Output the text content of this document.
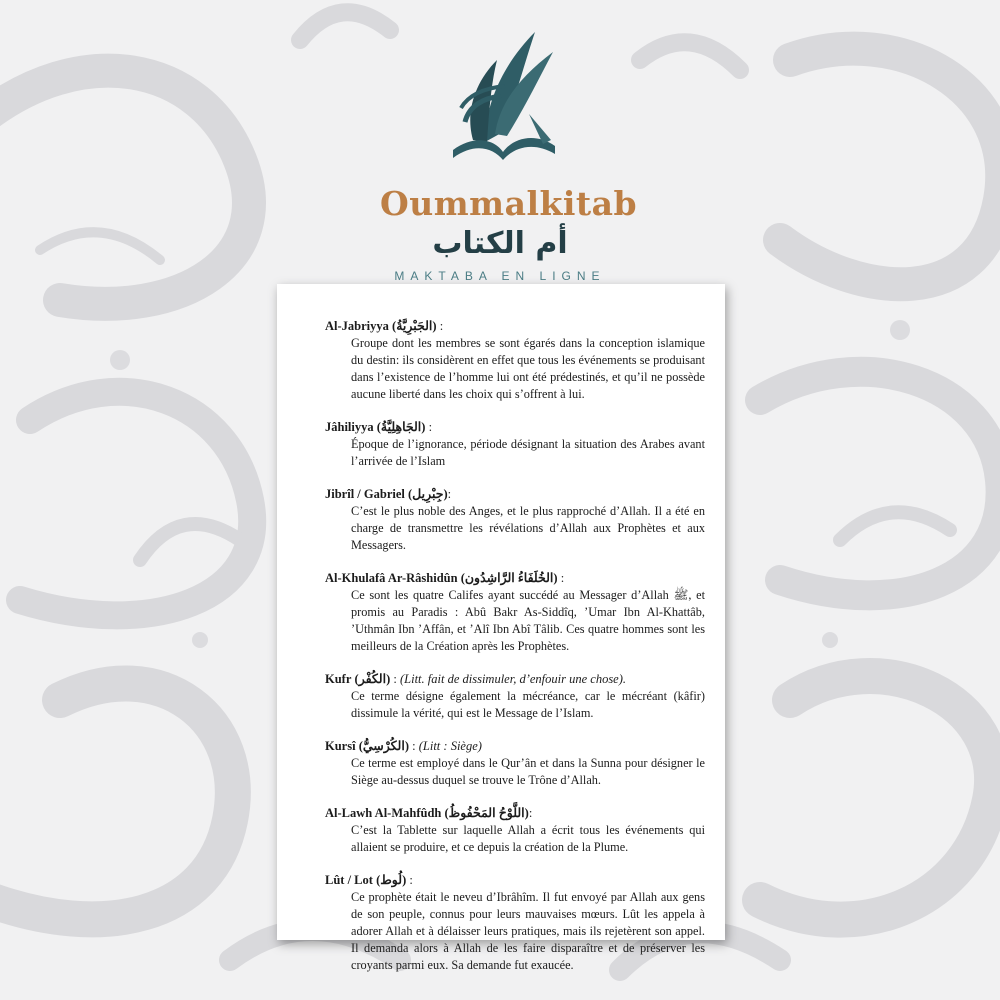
Oummalkitab
أم الكتاب
MAKTABA EN LIGNE
Al-Jabriyya (الجَبْرِيَّةُ) :
Groupe dont les membres se sont égarés dans la conception islamique du destin: ils considèrent en effet que tous les événements se produisant dans l’existence de l’homme lui ont été prédestinés, et qu’il ne possède aucune liberté dans les choix qui s’offrent à lui.
Jâhiliyya (الجَاهِلِيَّةُ) :
Époque de l’ignorance, période désignant la situation des Arabes avant l’arrivée de l’Islam
Jibrîl / Gabriel (جِبْرِيل):
C’est le plus noble des Anges, et le plus rapproché d’Allah. Il a été en charge de transmettre les révélations d’Allah aux Prophètes et aux Messagers.
Al-Khulafâ Ar-Râshidûn (الخُلَفَاءُ الرَّاشِدُون) :
Ce sont les quatre Califes ayant succédé au Messager d’Allah ﷺ, et promis au Paradis : Abû Bakr As-Siddîq, ’Umar Ibn Al-Khattâb, ’Uthmân Ibn ’Affân, et ’Alî Ibn Abî Tâlib. Ces quatre hommes sont les meilleurs de la Création après les Prophètes.
Kufr (الكُفْر) : (Litt. fait de dissimuler, d’enfouir une chose).
Ce terme désigne également la mécréance, car le mécréant (kâfir) dissimule la vérité, qui est le Message de l’Islam.
Kursî (الكُرْسِيُّ) : (Litt : Siège)
Ce terme est employé dans le Qur’ân et dans la Sunna pour désigner le Siège au-dessus duquel se trouve le Trône d’Allah.
Al-Lawh Al-Mahfûdh (اللَّوْحُ المَحْفُوظُ):
C’est la Tablette sur laquelle Allah a écrit tous les événements qui allaient se produire, et ce depuis la création de la Plume.
Lût / Lot (لُوط) :
Ce prophète était le neveu d’Ibrâhîm. Il fut envoyé par Allah aux gens de son peuple, connus pour leurs mauvaises mœurs. Lût les appela à adorer Allah et à délaisser leurs pratiques, mais ils rejetèrent son appel. Il demanda alors à Allah de les faire disparaître et de préserver les croyants parmi eux. Sa demande fut exaucée.
